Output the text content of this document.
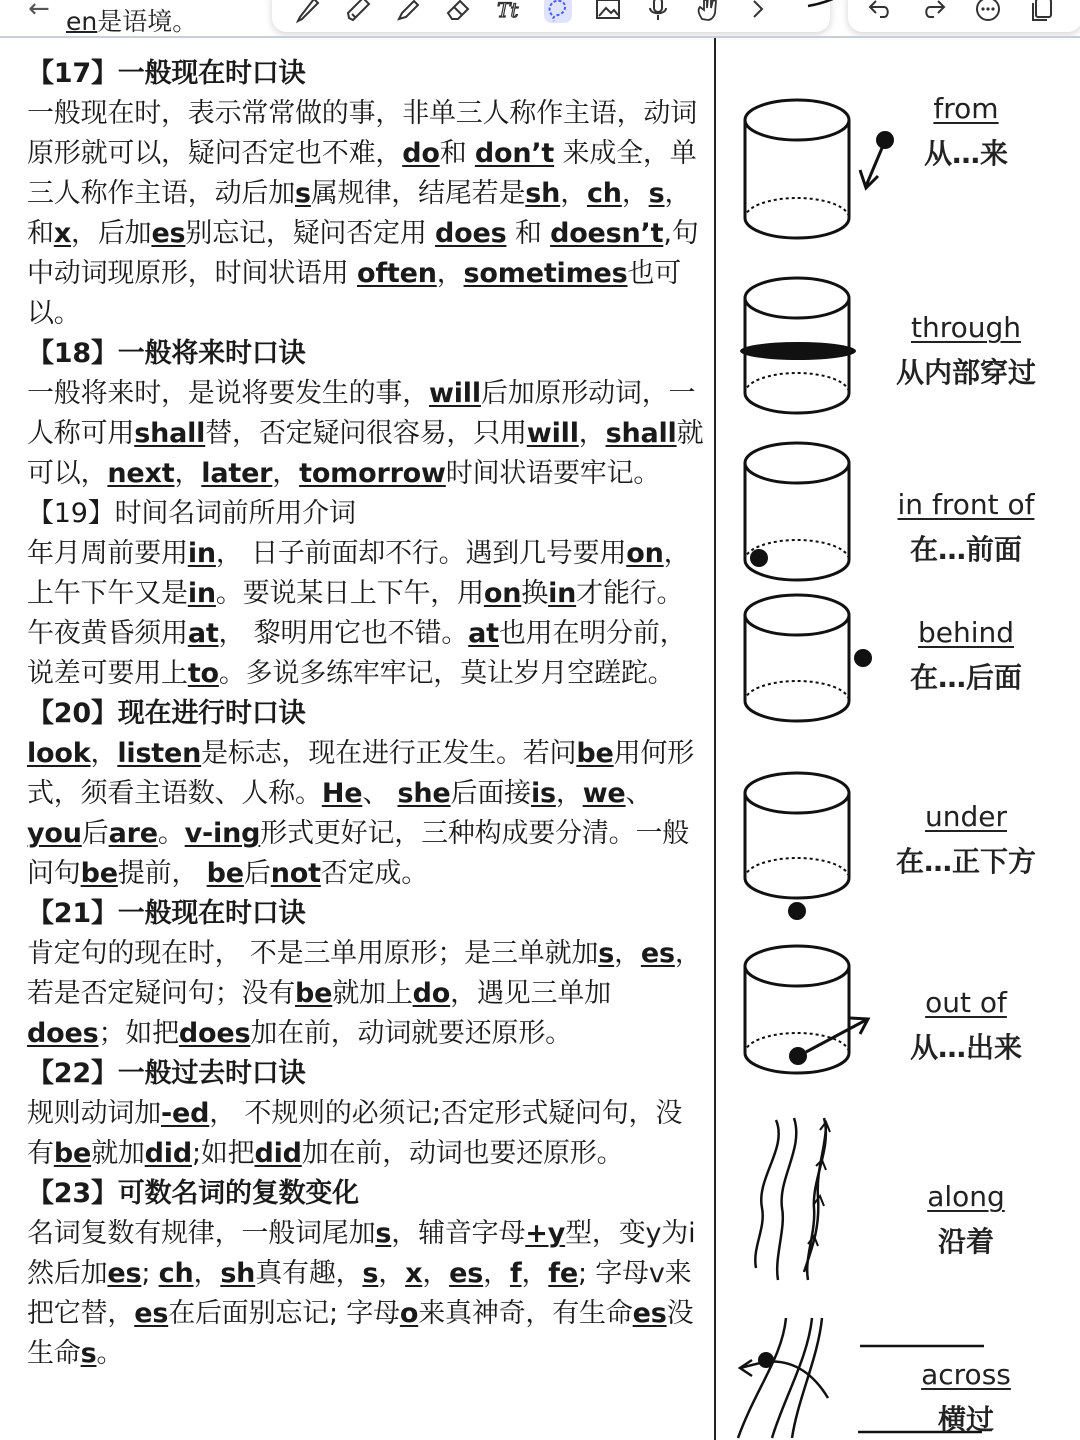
← en是语境。	Tt
【17】一般现在时口诀
一般现在时，表示常常做的事，非单三人称作主语，动词原形就可以，疑问否定也不难，do和 don’t 来成全，单三人称作主语，动后加s属规律，结尾若是sh，ch，s，和x，后加es别忘记，疑问否定用 does 和 doesn’t,句中动词现原形，时间状语用 often，sometimes也可以。
【18】一般将来时口诀
一般将来时，是说将要发生的事，will后加原形动词，一人称可用shall替，否定疑问很容易，只用will，shall就可以，next，later，tomorrow时间状语要牢记。
【19】时间名词前所用介词
年月周前要用in， 日子前面却不行。遇到几号要用on， 上午下午又是in。要说某日上下午，用on换in才能行。午夜黄昏须用at， 黎明用它也不错。at也用在明分前，说差可要用上to。多说多练牢牢记，莫让岁月空蹉跎。
【20】现在进行时口诀
look，listen是标志，现在进行正发生。若问be用何形式，须看主语数、人称。He、 she后面接is，we、you后are。v-ing形式更好记，三种构成要分清。一般问句be提前， be后not否定成。
【21】一般现在时口诀
肯定句的现在时， 不是三单用原形；是三单就加s，es，若是否定疑问句；没有be就加上do，遇见三单加does；如把does加在前，动词就要还原形。
【22】一般过去时口诀
规则动词加-ed， 不规则的必须记;否定形式疑问句，没有be就加did;如把did加在前，动词也要还原形。
【23】可数名词的复数变化
名词复数有规律，一般词尾加s，辅音字母+y型，变y为i然后加es; ch，sh真有趣，s，x，es，f，fe; 字母v来把它替，es在后面别忘记; 字母o来真神奇，有生命es没生命s。
from
从…来
through
从内部穿过
in front of
在…前面
behind
在…后面
under
在…正下方
out of
从…出来
along
沿着
across
横过
